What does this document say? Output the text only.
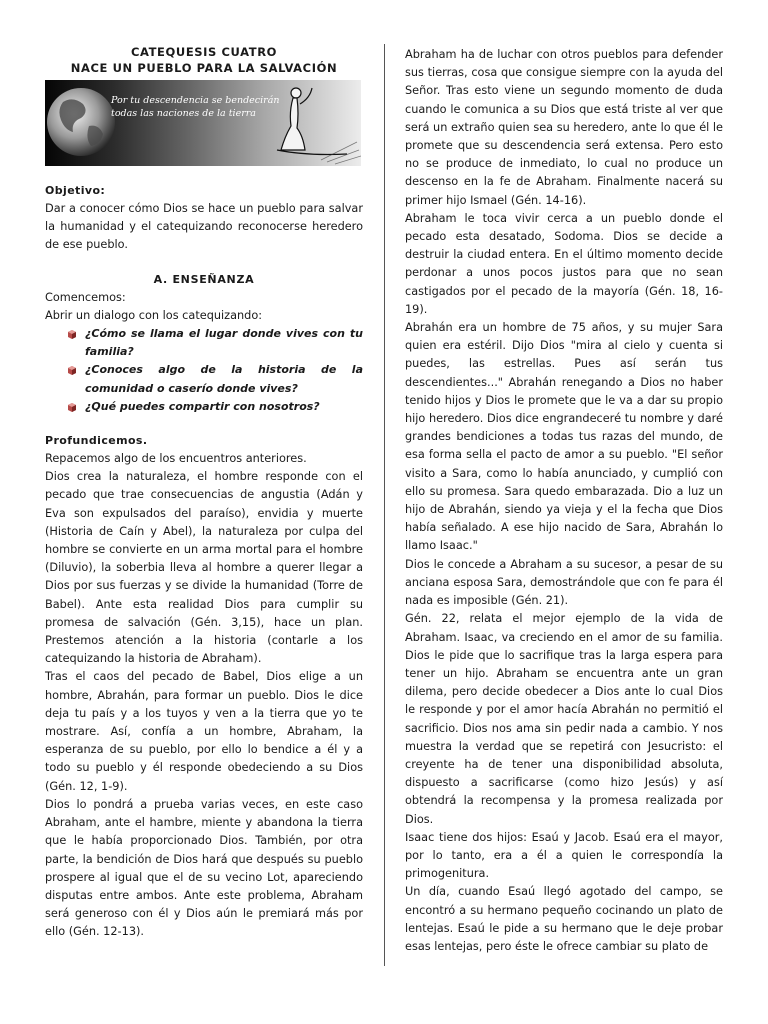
CATEQUESIS CUATRO
NACE UN PUEBLO PARA LA SALVACIÓN
Por tu descendencia se bendecirán
todas las naciones de la tierra

Objetivo:

Dar a conocer cómo Dios se hace un pueblo para salvar la humanidad y el catequizando reconocerse heredero de ese pueblo.

A. ENSEÑANZA

Comencemos:

Abrir un dialogo con los catequizando:

¿Cómo se llama el lugar donde vives con tu familia?
¿Conoces algo de la historia de la comunidad o caserío donde vives?
¿Qué puedes compartir con nosotros?

Profundicemos.

Repacemos algo de los encuentros anteriores.

Dios crea la naturaleza, el hombre responde con el pecado que trae consecuencias de angustia (Adán y Eva son expulsados del paraíso), envidia y muerte (Historia de Caín y Abel), la naturaleza por culpa del hombre se convierte en un arma mortal para el hombre (Diluvio), la soberbia lleva al hombre a querer llegar a Dios por sus fuerzas y se divide la humanidad (Torre de Babel). Ante esta realidad Dios para cumplir su promesa de salvación (Gén. 3,15), hace un plan. Prestemos atención a la historia (contarle a los catequizando la historia de Abraham).

Tras el caos del pecado de Babel, Dios elige a un hombre, Abrahán, para formar un pueblo. Dios le dice deja tu país y a los tuyos y ven a la tierra que yo te mostrare. Así, confía a un hombre, Abraham, la esperanza de su pueblo, por ello lo bendice a él y a todo su pueblo y él responde obedeciendo a su Dios (Gén. 12, 1-9).

Dios lo pondrá a prueba varias veces, en este caso Abraham, ante el hambre, miente y abandona la tierra que le había proporcionado Dios. También, por otra parte, la bendición de Dios hará que después su pueblo prospere al igual que el de su vecino Lot, apareciendo disputas entre ambos. Ante este problema, Abraham será generoso con él y Dios aún le premiará más por ello (Gén. 12-13).

Abraham ha de luchar con otros pueblos para defender sus tierras, cosa que consigue siempre con la ayuda del Señor. Tras esto viene un segundo momento de duda cuando le comunica a su Dios que está triste al ver que será un extraño quien sea su heredero, ante lo que él le promete que su descendencia será extensa. Pero esto no se produce de inmediato, lo cual no produce un descenso en la fe de Abraham. Finalmente nacerá su primer hijo Ismael (Gén. 14-16).

Abraham le toca vivir cerca a un pueblo donde el pecado esta desatado, Sodoma. Dios se decide a destruir la ciudad entera. En el último momento decide perdonar a unos pocos justos para que no sean castigados por el pecado de la mayoría (Gén. 18, 16-19).

Abrahán era un hombre de 75 años, y su mujer Sara quien era estéril. Dijo Dios "mira al cielo y cuenta si puedes, las estrellas. Pues así serán tus descendientes..." Abrahán renegando a Dios no haber tenido hijos y Dios le promete que le va a dar su propio hijo heredero. Dios dice engrandeceré tu nombre y daré grandes bendiciones a todas tus razas del mundo, de esa forma sella el pacto de amor a su pueblo. "El señor visito a Sara, como lo había anunciado, y cumplió con ello su promesa. Sara quedo embarazada. Dio a luz un hijo de Abrahán, siendo ya vieja y el la fecha que Dios había señalado. A ese hijo nacido de Sara, Abrahán lo llamo Isaac."

Dios le concede a Abraham a su sucesor, a pesar de su anciana esposa Sara, demostrándole que con fe para él nada es imposible (Gén. 21).

Gén. 22, relata el mejor ejemplo de la vida de Abraham. Isaac, va creciendo en el amor de su familia. Dios le pide que lo sacrifique tras la larga espera para tener un hijo. Abraham se encuentra ante un gran dilema, pero decide obedecer a Dios ante lo cual Dios le responde y por el amor hacía Abrahán no permitió el sacrificio. Dios nos ama sin pedir nada a cambio. Y nos muestra la verdad que se repetirá con Jesucristo: el creyente ha de tener una disponibilidad absoluta, dispuesto a sacrificarse (como hizo Jesús) y así obtendrá la recompensa y la promesa realizada por Dios.

Isaac tiene dos hijos: Esaú y Jacob. Esaú era el mayor, por lo tanto, era a él a quien le correspondía la primogenitura.

Un día, cuando Esaú llegó agotado del campo, se encontró a su hermano pequeño cocinando un plato de lentejas. Esaú le pide a su hermano que le deje probar esas lentejas, pero éste le ofrece cambiar su plato de
